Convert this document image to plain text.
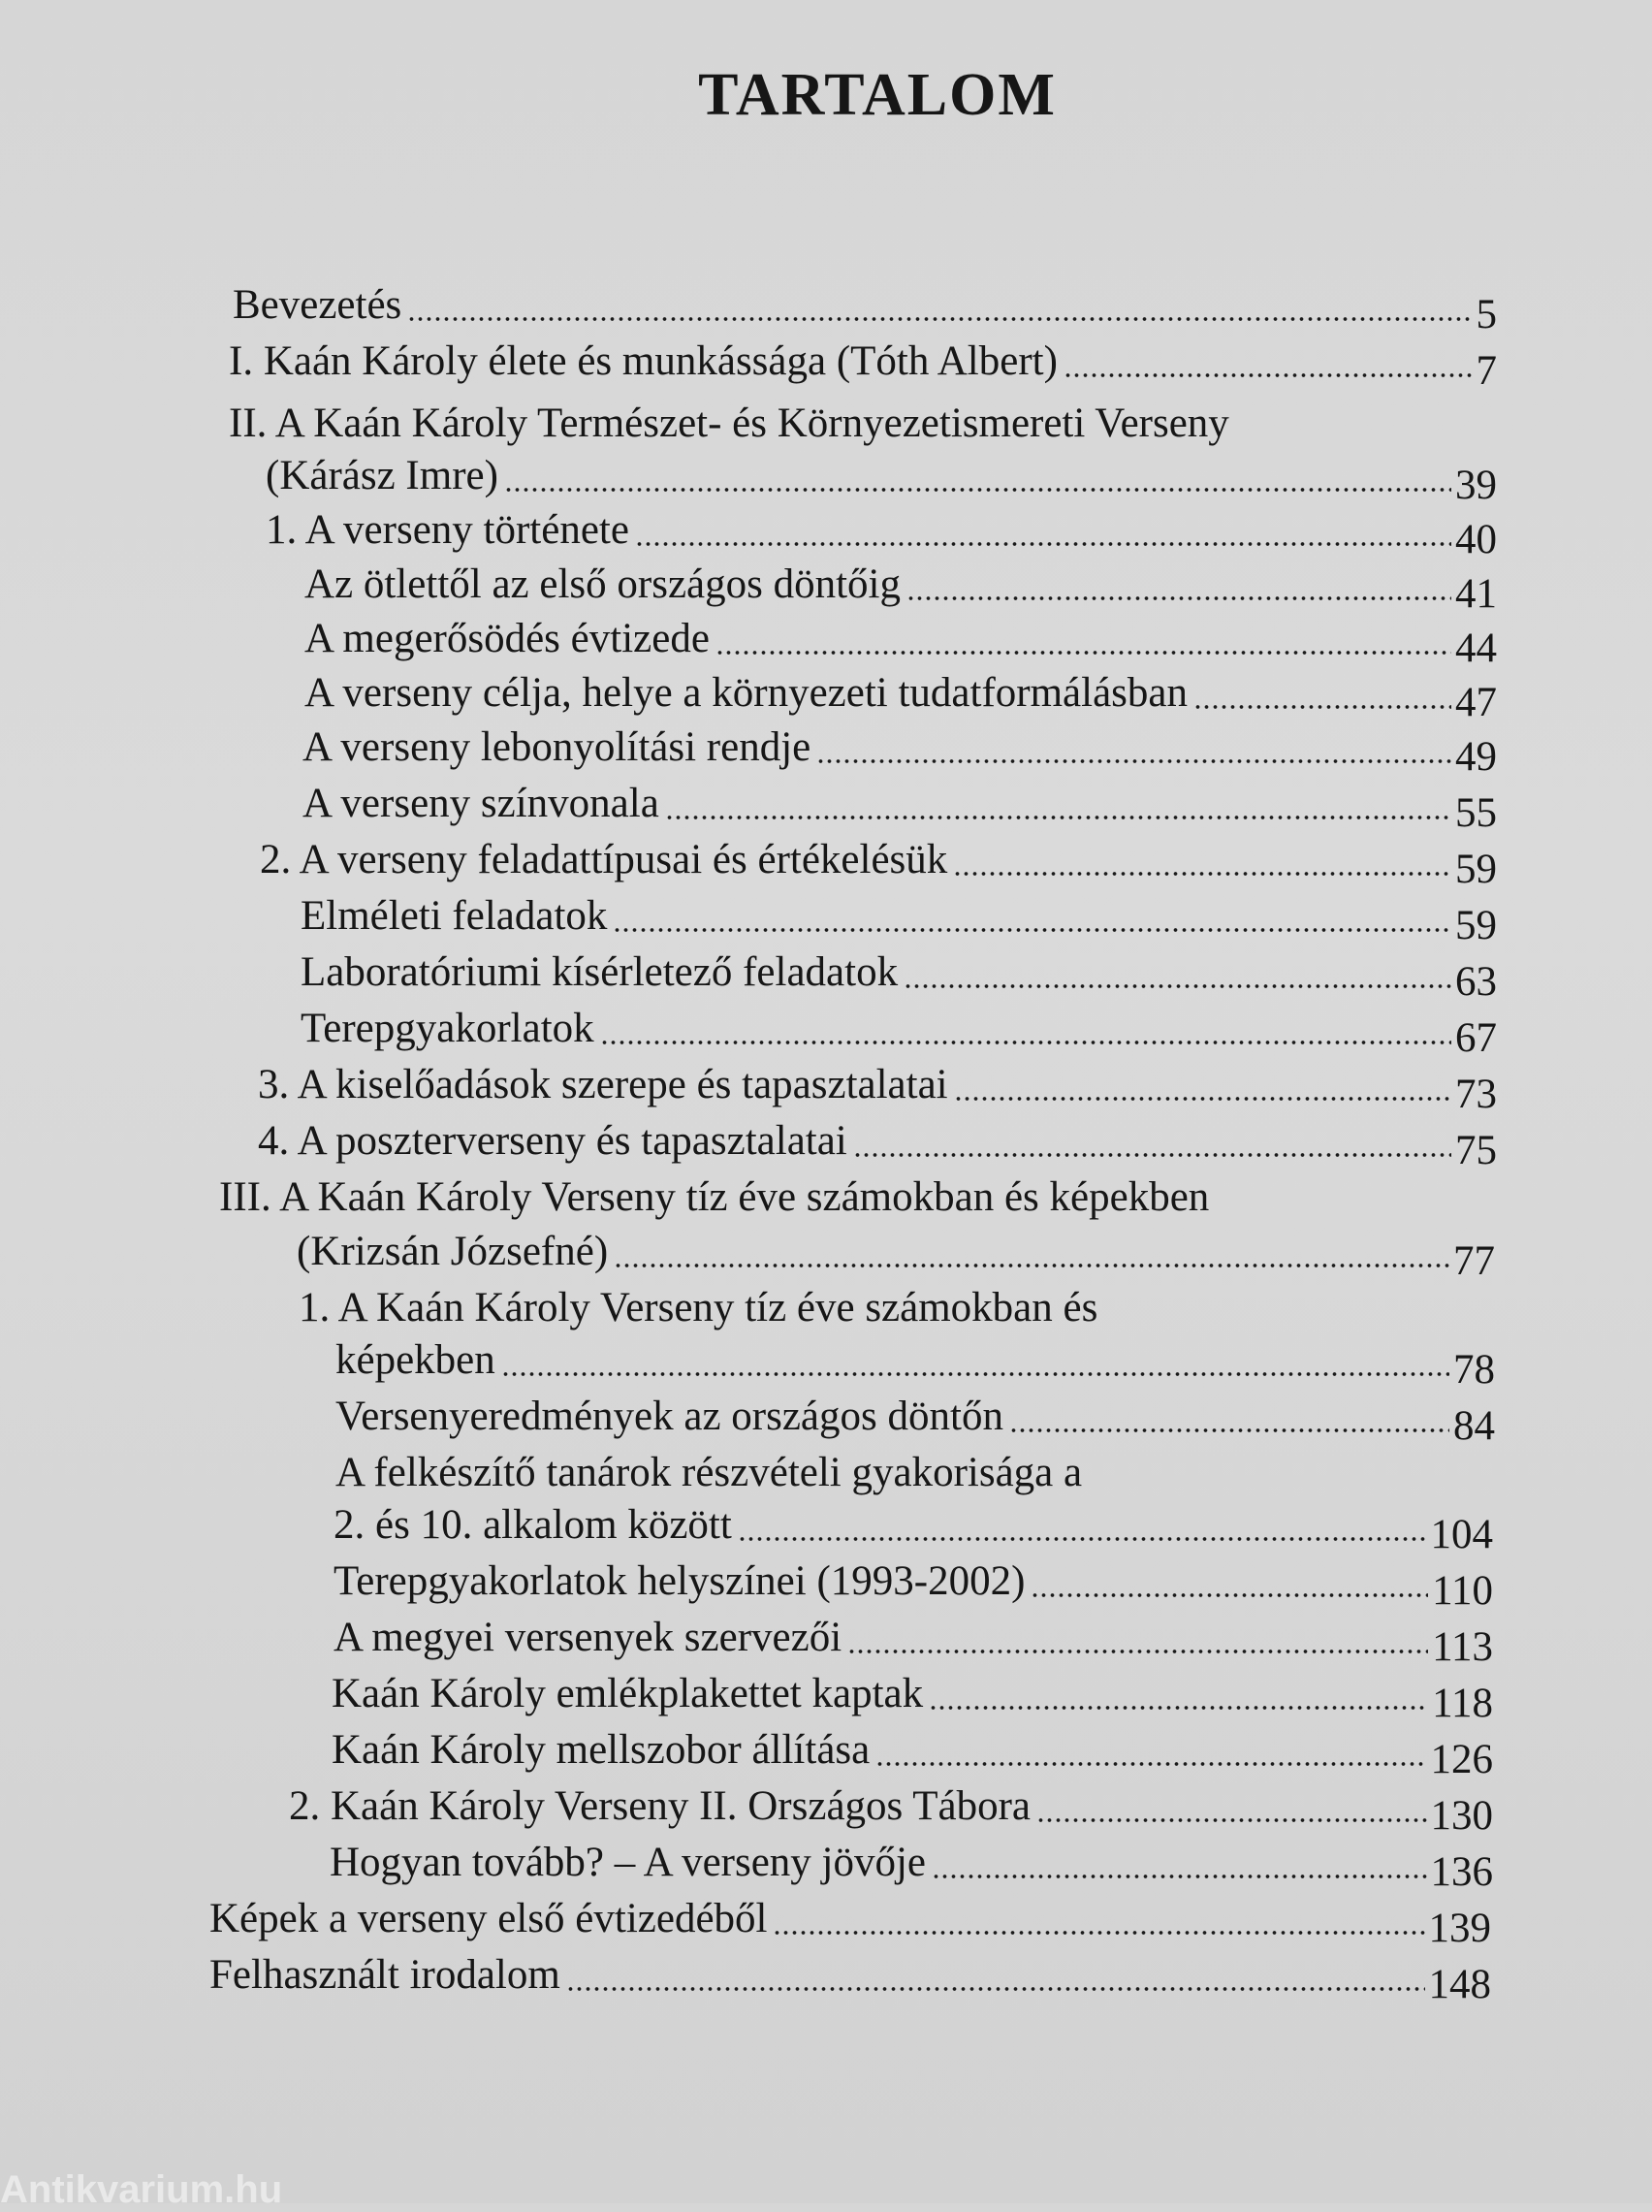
TARTALOM
Bevezetés	5
I. Kaán Károly élete és munkássága (Tóth Albert)	7
II. A Kaán Károly Természet- és Környezetismereti Verseny
(Kárász Imre)	39
1. A verseny története	40
Az ötlettől az első országos döntőig	41
A megerősödés évtizede	44
A verseny célja, helye a környezeti tudatformálásban	47
A verseny lebonyolítási rendje	49
A verseny színvonala	55
2. A verseny feladattípusai és értékelésük	59
Elméleti feladatok	59
Laboratóriumi kísérletező feladatok	63
Terepgyakorlatok	67
3. A kiselőadások szerepe és tapasztalatai	73
4. A poszterverseny és tapasztalatai	75
III. A Kaán Károly Verseny tíz éve számokban és képekben
(Krizsán Józsefné)	77
1. A Kaán Károly Verseny tíz éve számokban és
képekben	78
Versenyeredmények az országos döntőn	84
A felkészítő tanárok részvételi gyakorisága a
2. és 10. alkalom között	104
Terepgyakorlatok helyszínei (1993-2002)	110
A megyei versenyek szervezői	113
Kaán Károly emlékplakettet kaptak	118
Kaán Károly mellszobor állítása	126
2. Kaán Károly Verseny II. Országos Tábora	130
Hogyan tovább? – A verseny jövője	136
Képek a verseny első évtizedéből	139
Felhasznált irodalom	148
Antikvarium.hu
